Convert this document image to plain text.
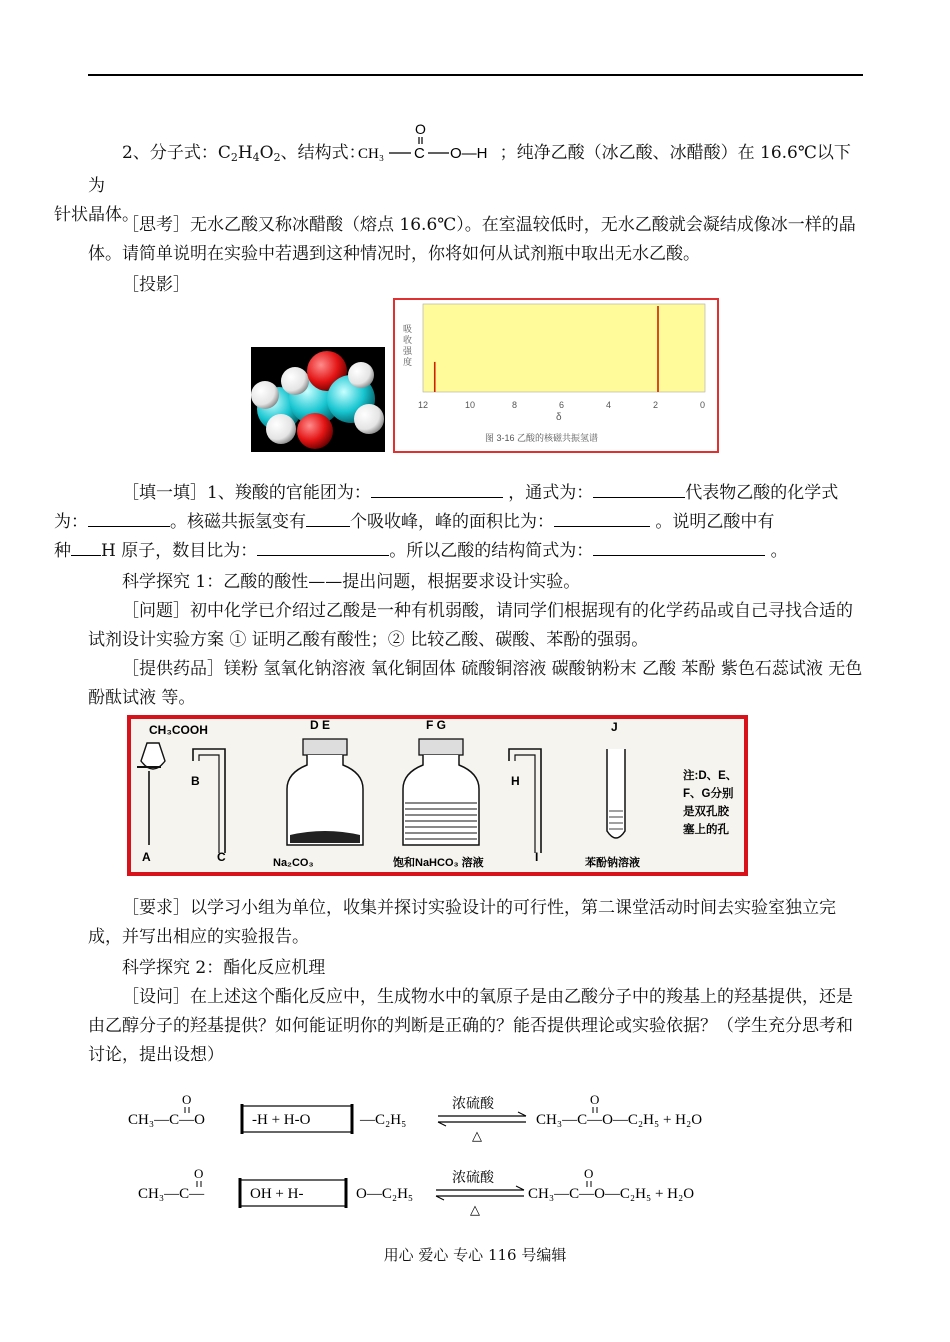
2、分子式：$C_2H_4O_2$、结构式：	；纯净乙酸（冰乙酸、冰醋酸）在 16.6℃以下为
针状晶体。
CH₃ C
O
O—H
［思考］无水乙酸又称冰醋酸（熔点 16.6℃）。在室温较低时，无水乙酸就会凝结成像冰一样的晶体。请简单说明在实验中若遇到这种情况时，你将如何从试剂瓶中取出无水乙酸。
［投影］
吸
收
强
度
12	10	8	6	4	2	0
δ
图 3-16 乙酸的核磁共振氢谱
［填一填］1、羧酸的官能团为：	，通式为：	代表物乙酸的化学式
为：	。核磁共振氢变有	个吸收峰，峰的面积比为：	。说明乙酸中有
种 H 原子，数目比为：	。所以乙酸的结构简式为：	。
科学探究 1：乙酸的酸性——提出问题，根据要求设计实验。
［问题］初中化学已介绍过乙酸是一种有机弱酸，请同学们根据现有的化学药品或自己寻找合适的试剂设计实验方案 ① 证明乙酸有酸性；② 比较乙酸、碳酸、苯酚的强弱。
［提供药品］镁粉 氢氧化钠溶液 氧化铜固体 硫酸铜溶液 碳酸钠粉末 乙酸 苯酚 紫色石蕊试液 无色酚酞试液 等。
CH₃COOH
A
B
C
D E
Na₂CO₃
F G
饱和NaHCO₃ 溶液
H
I
J
苯酚钠溶液
注:D、E、
F、G分别
是双孔胶
塞上的孔
［要求］以学习小组为单位，收集并探讨实验设计的可行性，第二课堂活动时间去实验室独立完成，并写出相应的实验报告。
科学探究 2：酯化反应机理
［设问］在上述这个酯化反应中，生成物水中的氧原子是由乙酸分子中的羧基上的羟基提供，还是由乙醇分子的羟基提供？如何能证明你的判断是正确的？能否提供理论或实验依据？（学生充分思考和讨论，提出设想）
CH₃—C—O
O
-H + H-O	—C₂H₅
浓硫酸
△
CH₃—C—O—C₂H₅ + H₂O
O
CH₃—C—
O
OH + H-	O—C₂H₅
浓硫酸
△
CH₃—C—O—C₂H₅ + H₂O
O
用心 爱心 专心 116 号编辑
